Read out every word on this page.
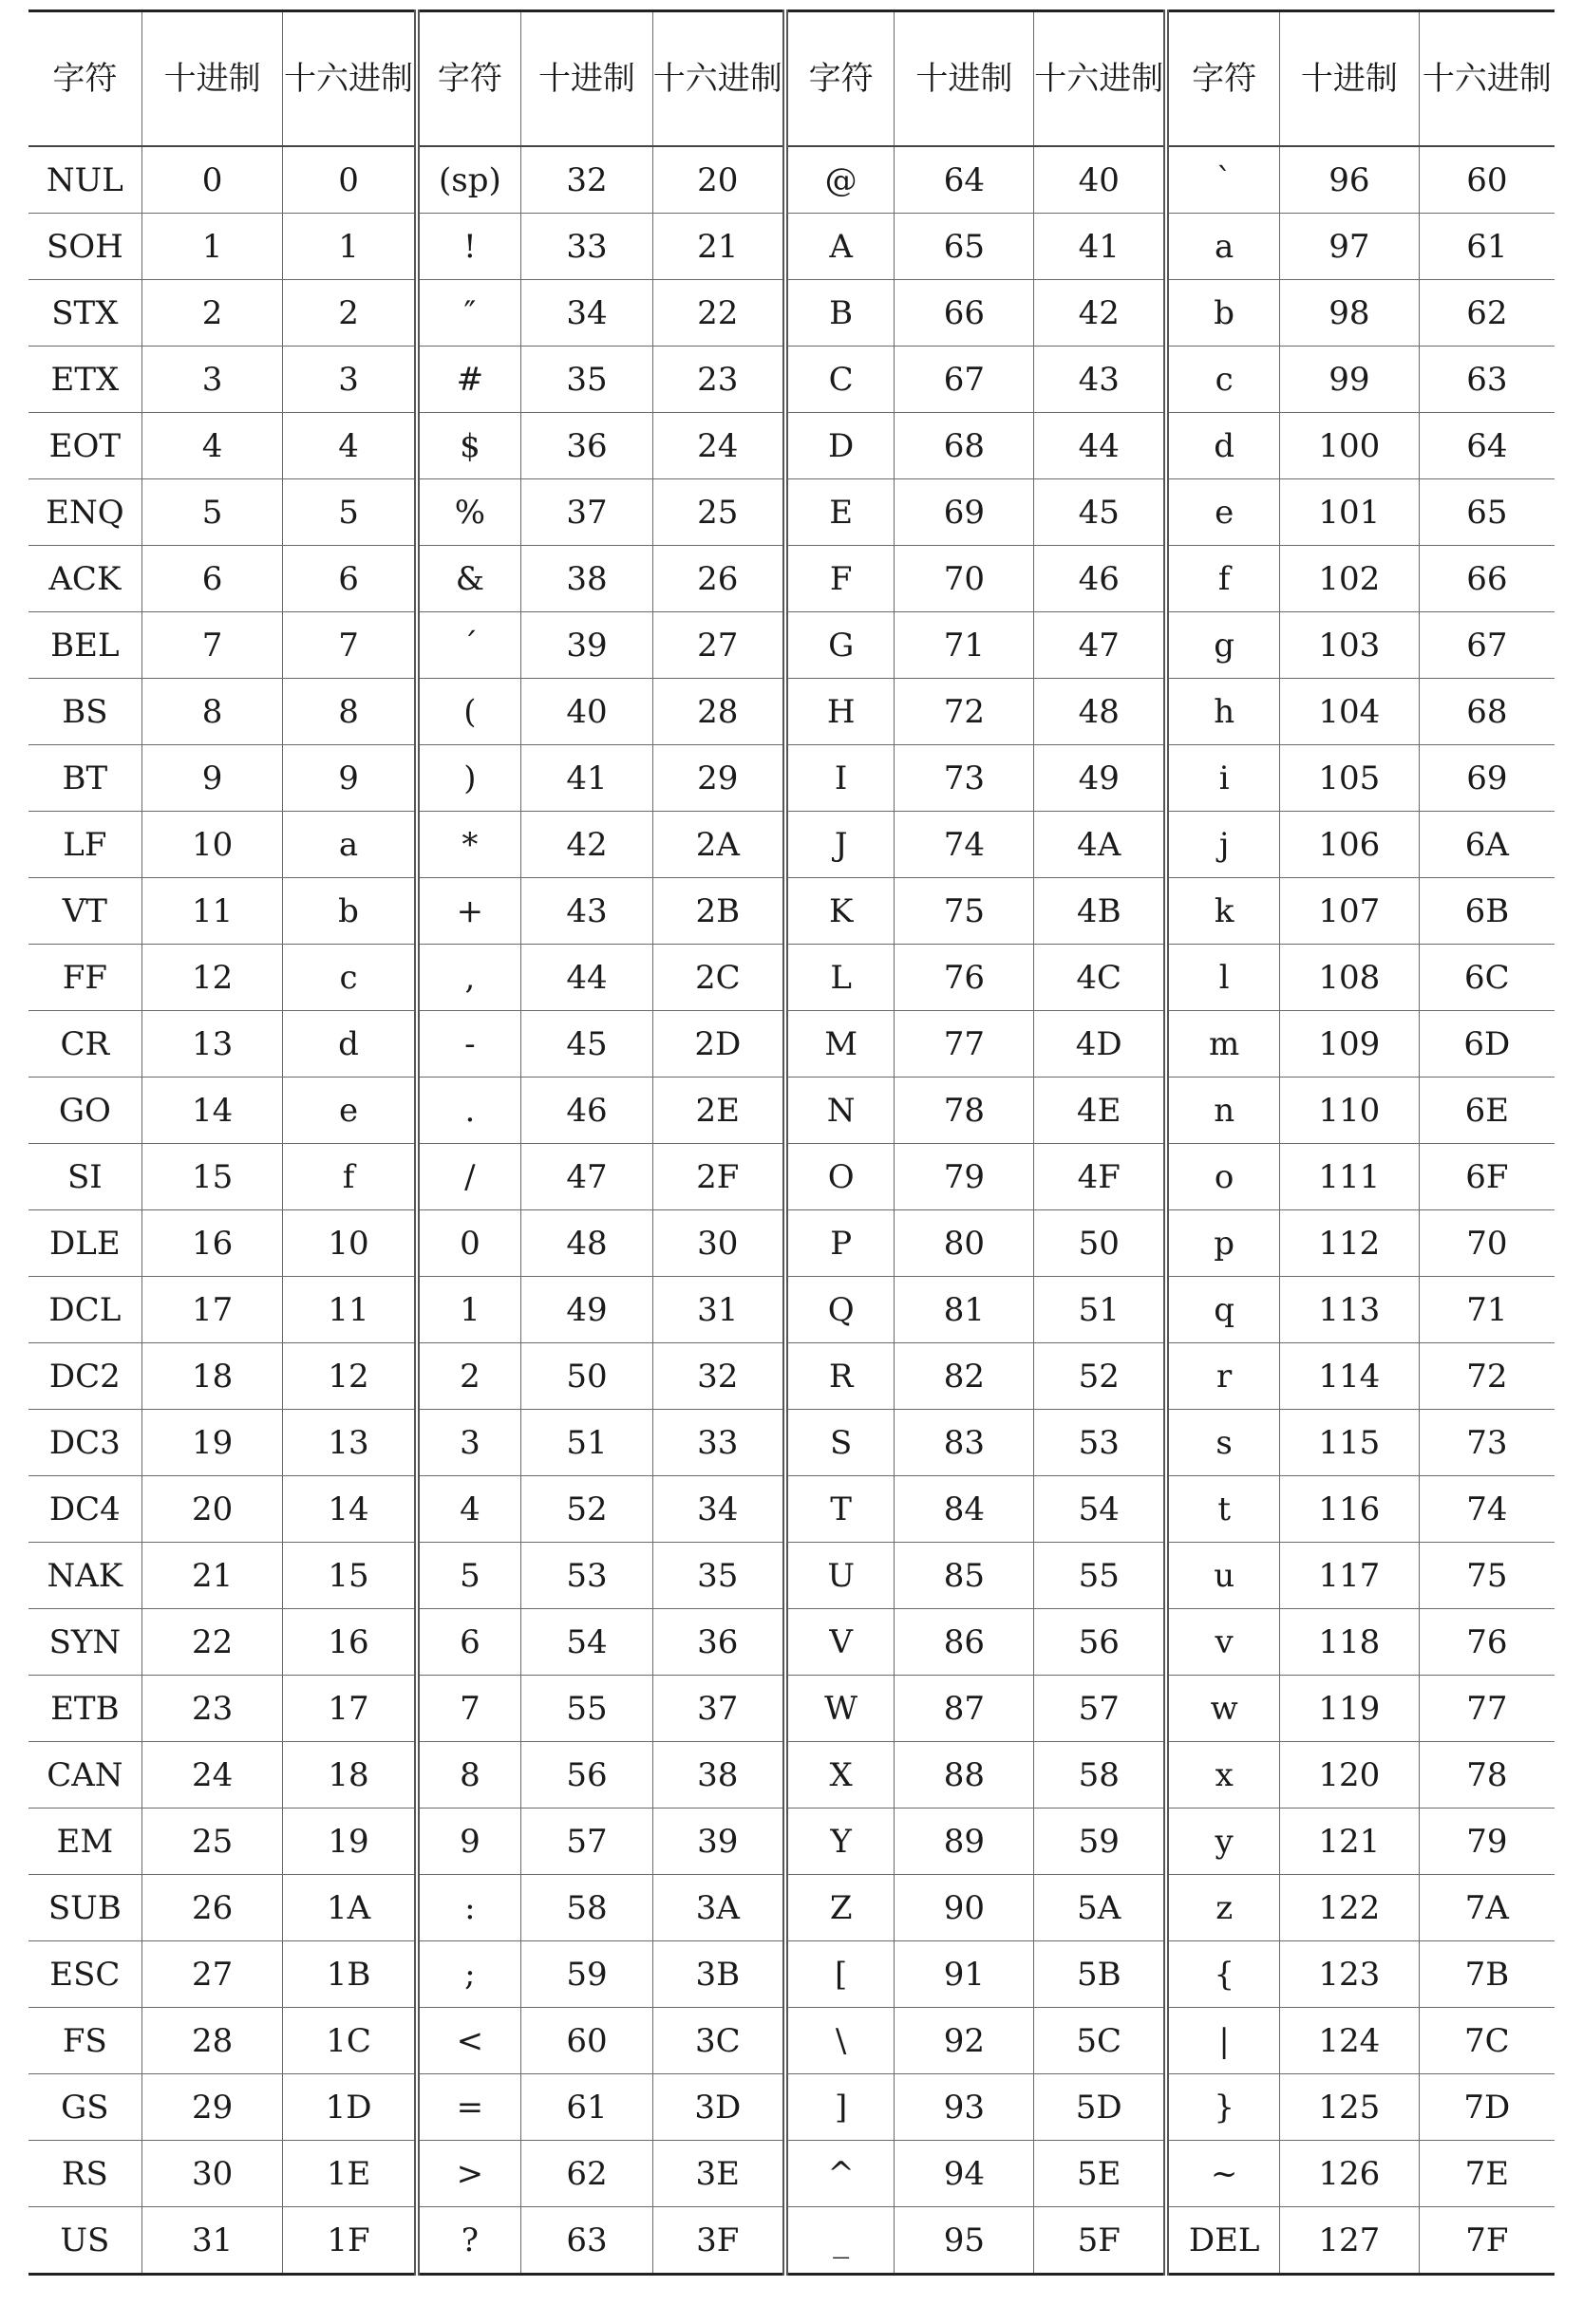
字符	十进制	十六进制	字符	十进制	十六进制	字符	十进制	十六进制	字符	十进制	十六进制
NUL	0	0	(sp)	32	20	@	64	40	`	96	60
SOH	1	1	!	33	21	A	65	41	a	97	61
STX	2	2	″	34	22	B	66	42	b	98	62
ETX	3	3	#	35	23	C	67	43	c	99	63
EOT	4	4	$	36	24	D	68	44	d	100	64
ENQ	5	5	%	37	25	E	69	45	e	101	65
ACK	6	6	&	38	26	F	70	46	f	102	66
BEL	7	7	´	39	27	G	71	47	g	103	67
BS	8	8	(	40	28	H	72	48	h	104	68
BT	9	9	)	41	29	I	73	49	i	105	69
LF	10	a	*	42	2A	J	74	4A	j	106	6A
VT	11	b	+	43	2B	K	75	4B	k	107	6B
FF	12	c	,	44	2C	L	76	4C	l	108	6C
CR	13	d	-	45	2D	M	77	4D	m	109	6D
GO	14	e	.	46	2E	N	78	4E	n	110	6E
SI	15	f	/	47	2F	O	79	4F	o	111	6F
DLE	16	10	0	48	30	P	80	50	p	112	70
DCL	17	11	1	49	31	Q	81	51	q	113	71
DC2	18	12	2	50	32	R	82	52	r	114	72
DC3	19	13	3	51	33	S	83	53	s	115	73
DC4	20	14	4	52	34	T	84	54	t	116	74
NAK	21	15	5	53	35	U	85	55	u	117	75
SYN	22	16	6	54	36	V	86	56	v	118	76
ETB	23	17	7	55	37	W	87	57	w	119	77
CAN	24	18	8	56	38	X	88	58	x	120	78
EM	25	19	9	57	39	Y	89	59	y	121	79
SUB	26	1A	:	58	3A	Z	90	5A	z	122	7A
ESC	27	1B	;	59	3B	[	91	5B	{	123	7B
FS	28	1C	<	60	3C	\	92	5C	|	124	7C
GS	29	1D	=	61	3D	]	93	5D	}	125	7D
RS	30	1E	>	62	3E	^	94	5E	~	126	7E
US	31	1F	?	63	3F	_	95	5F	DEL	127	7F
